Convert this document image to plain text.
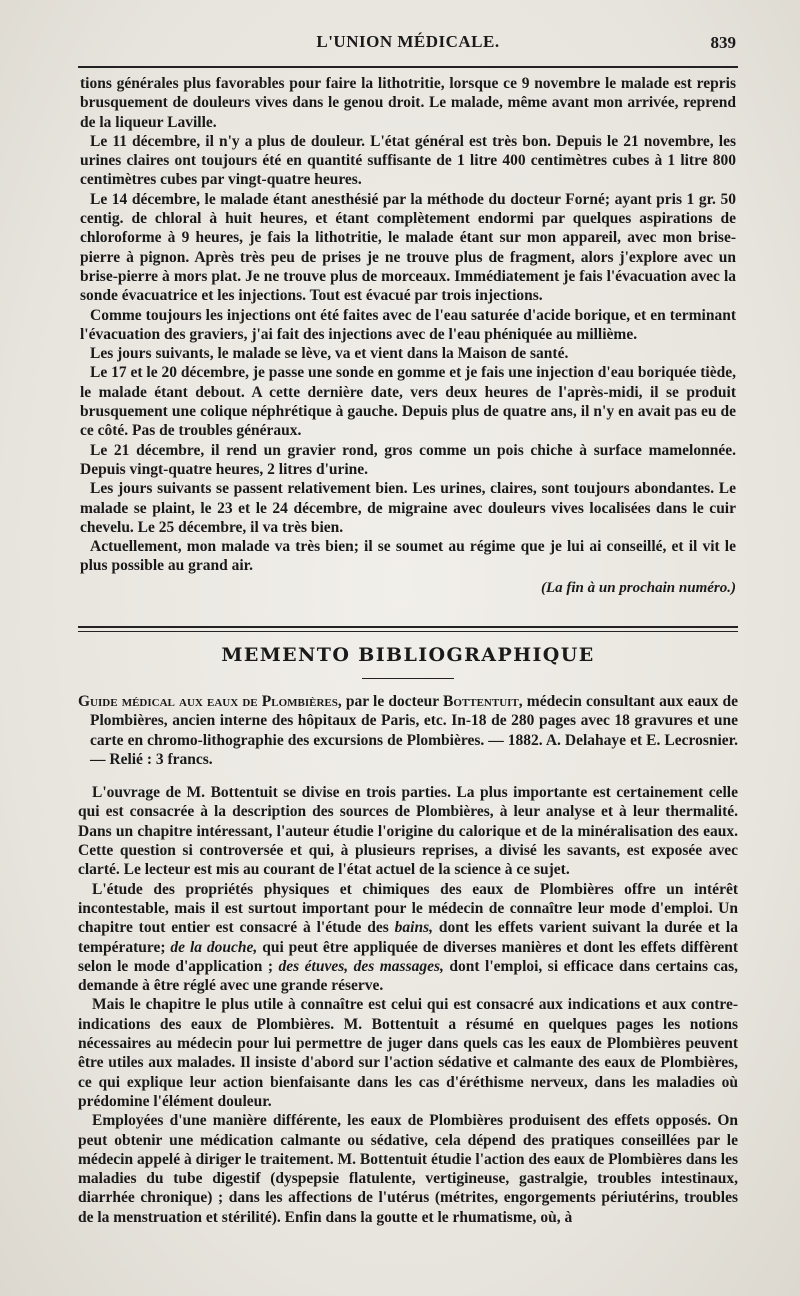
L'UNION MÉDICALE.	839

tions générales plus favorables pour faire la lithotritie, lorsque ce 9 novembre le malade est repris brusquement de douleurs vives dans le genou droit. Le malade, même avant mon arrivée, reprend de la liqueur Laville.

Le 11 décembre, il n'y a plus de douleur. L'état général est très bon. Depuis le 21 novembre, les urines claires ont toujours été en quantité suffisante de 1 litre 400 centimètres cubes à 1 litre 800 centimètres cubes par vingt-quatre heures.

Le 14 décembre, le malade étant anesthésié par la méthode du docteur Forné; ayant pris 1 gr. 50 centig. de chloral à huit heures, et étant complètement endormi par quelques aspirations de chloroforme à 9 heures, je fais la lithotritie, le malade étant sur mon appareil, avec mon brise-pierre à pignon. Après très peu de prises je ne trouve plus de fragment, alors j'explore avec un brise-pierre à mors plat. Je ne trouve plus de morceaux. Immédiatement je fais l'évacuation avec la sonde évacuatrice et les injections. Tout est évacué par trois injections.

Comme toujours les injections ont été faites avec de l'eau saturée d'acide borique, et en terminant l'évacuation des graviers, j'ai fait des injections avec de l'eau phéniquée au millième.

Les jours suivants, le malade se lève, va et vient dans la Maison de santé.

Le 17 et le 20 décembre, je passe une sonde en gomme et je fais une injection d'eau boriquée tiède, le malade étant debout. A cette dernière date, vers deux heures de l'après-midi, il se produit brusquement une colique néphrétique à gauche. Depuis plus de quatre ans, il n'y en avait pas eu de ce côté. Pas de troubles généraux.

Le 21 décembre, il rend un gravier rond, gros comme un pois chiche à surface mamelonnée. Depuis vingt-quatre heures, 2 litres d'urine.

Les jours suivants se passent relativement bien. Les urines, claires, sont toujours abondantes. Le malade se plaint, le 23 et le 24 décembre, de migraine avec douleurs vives localisées dans le cuir chevelu. Le 25 décembre, il va très bien.

Actuellement, mon malade va très bien; il se soumet au régime que je lui ai conseillé, et il vit le plus possible au grand air.

(La fin à un prochain numéro.)
MEMENTO BIBLIOGRAPHIQUE

Guide médical aux eaux de Plombières, par le docteur Bottentuit, médecin consultant aux eaux de Plombières, ancien interne des hôpitaux de Paris, etc. In-18 de 280 pages avec 18 gravures et une carte en chromo-lithographie des excursions de Plombières. — 1882. A. Delahaye et E. Lecrosnier. — Relié : 3 francs.

L'ouvrage de M. Bottentuit se divise en trois parties. La plus importante est certainement celle qui est consacrée à la description des sources de Plombières, à leur analyse et à leur thermalité. Dans un chapitre intéressant, l'auteur étudie l'origine du calorique et de la minéralisation des eaux. Cette question si controversée et qui, à plusieurs reprises, a divisé les savants, est exposée avec clarté. Le lecteur est mis au courant de l'état actuel de la science à ce sujet.

L'étude des propriétés physiques et chimiques des eaux de Plombières offre un intérêt incontestable, mais il est surtout important pour le médecin de connaître leur mode d'emploi. Un chapitre tout entier est consacré à l'étude des bains, dont les effets varient suivant la durée et la température; de la douche, qui peut être appliquée de diverses manières et dont les effets diffèrent selon le mode d'application ; des étuves, des massages, dont l'emploi, si efficace dans certains cas, demande à être réglé avec une grande réserve.

Mais le chapitre le plus utile à connaître est celui qui est consacré aux indications et aux contre-indications des eaux de Plombières. M. Bottentuit a résumé en quelques pages les notions nécessaires au médecin pour lui permettre de juger dans quels cas les eaux de Plombières peuvent être utiles aux malades. Il insiste d'abord sur l'action sédative et calmante des eaux de Plombières, ce qui explique leur action bienfaisante dans les cas d'éréthisme nerveux, dans les maladies où prédomine l'élément douleur.

Employées d'une manière différente, les eaux de Plombières produisent des effets opposés. On peut obtenir une médication calmante ou sédative, cela dépend des pratiques conseillées par le médecin appelé à diriger le traitement. M. Bottentuit étudie l'action des eaux de Plombières dans les maladies du tube digestif (dyspepsie flatulente, vertigineuse, gastralgie, troubles intestinaux, diarrhée chronique) ; dans les affections de l'utérus (métrites, engorgements périutérins, troubles de la menstruation et stérilité). Enfin dans la goutte et le rhumatisme, où, à
